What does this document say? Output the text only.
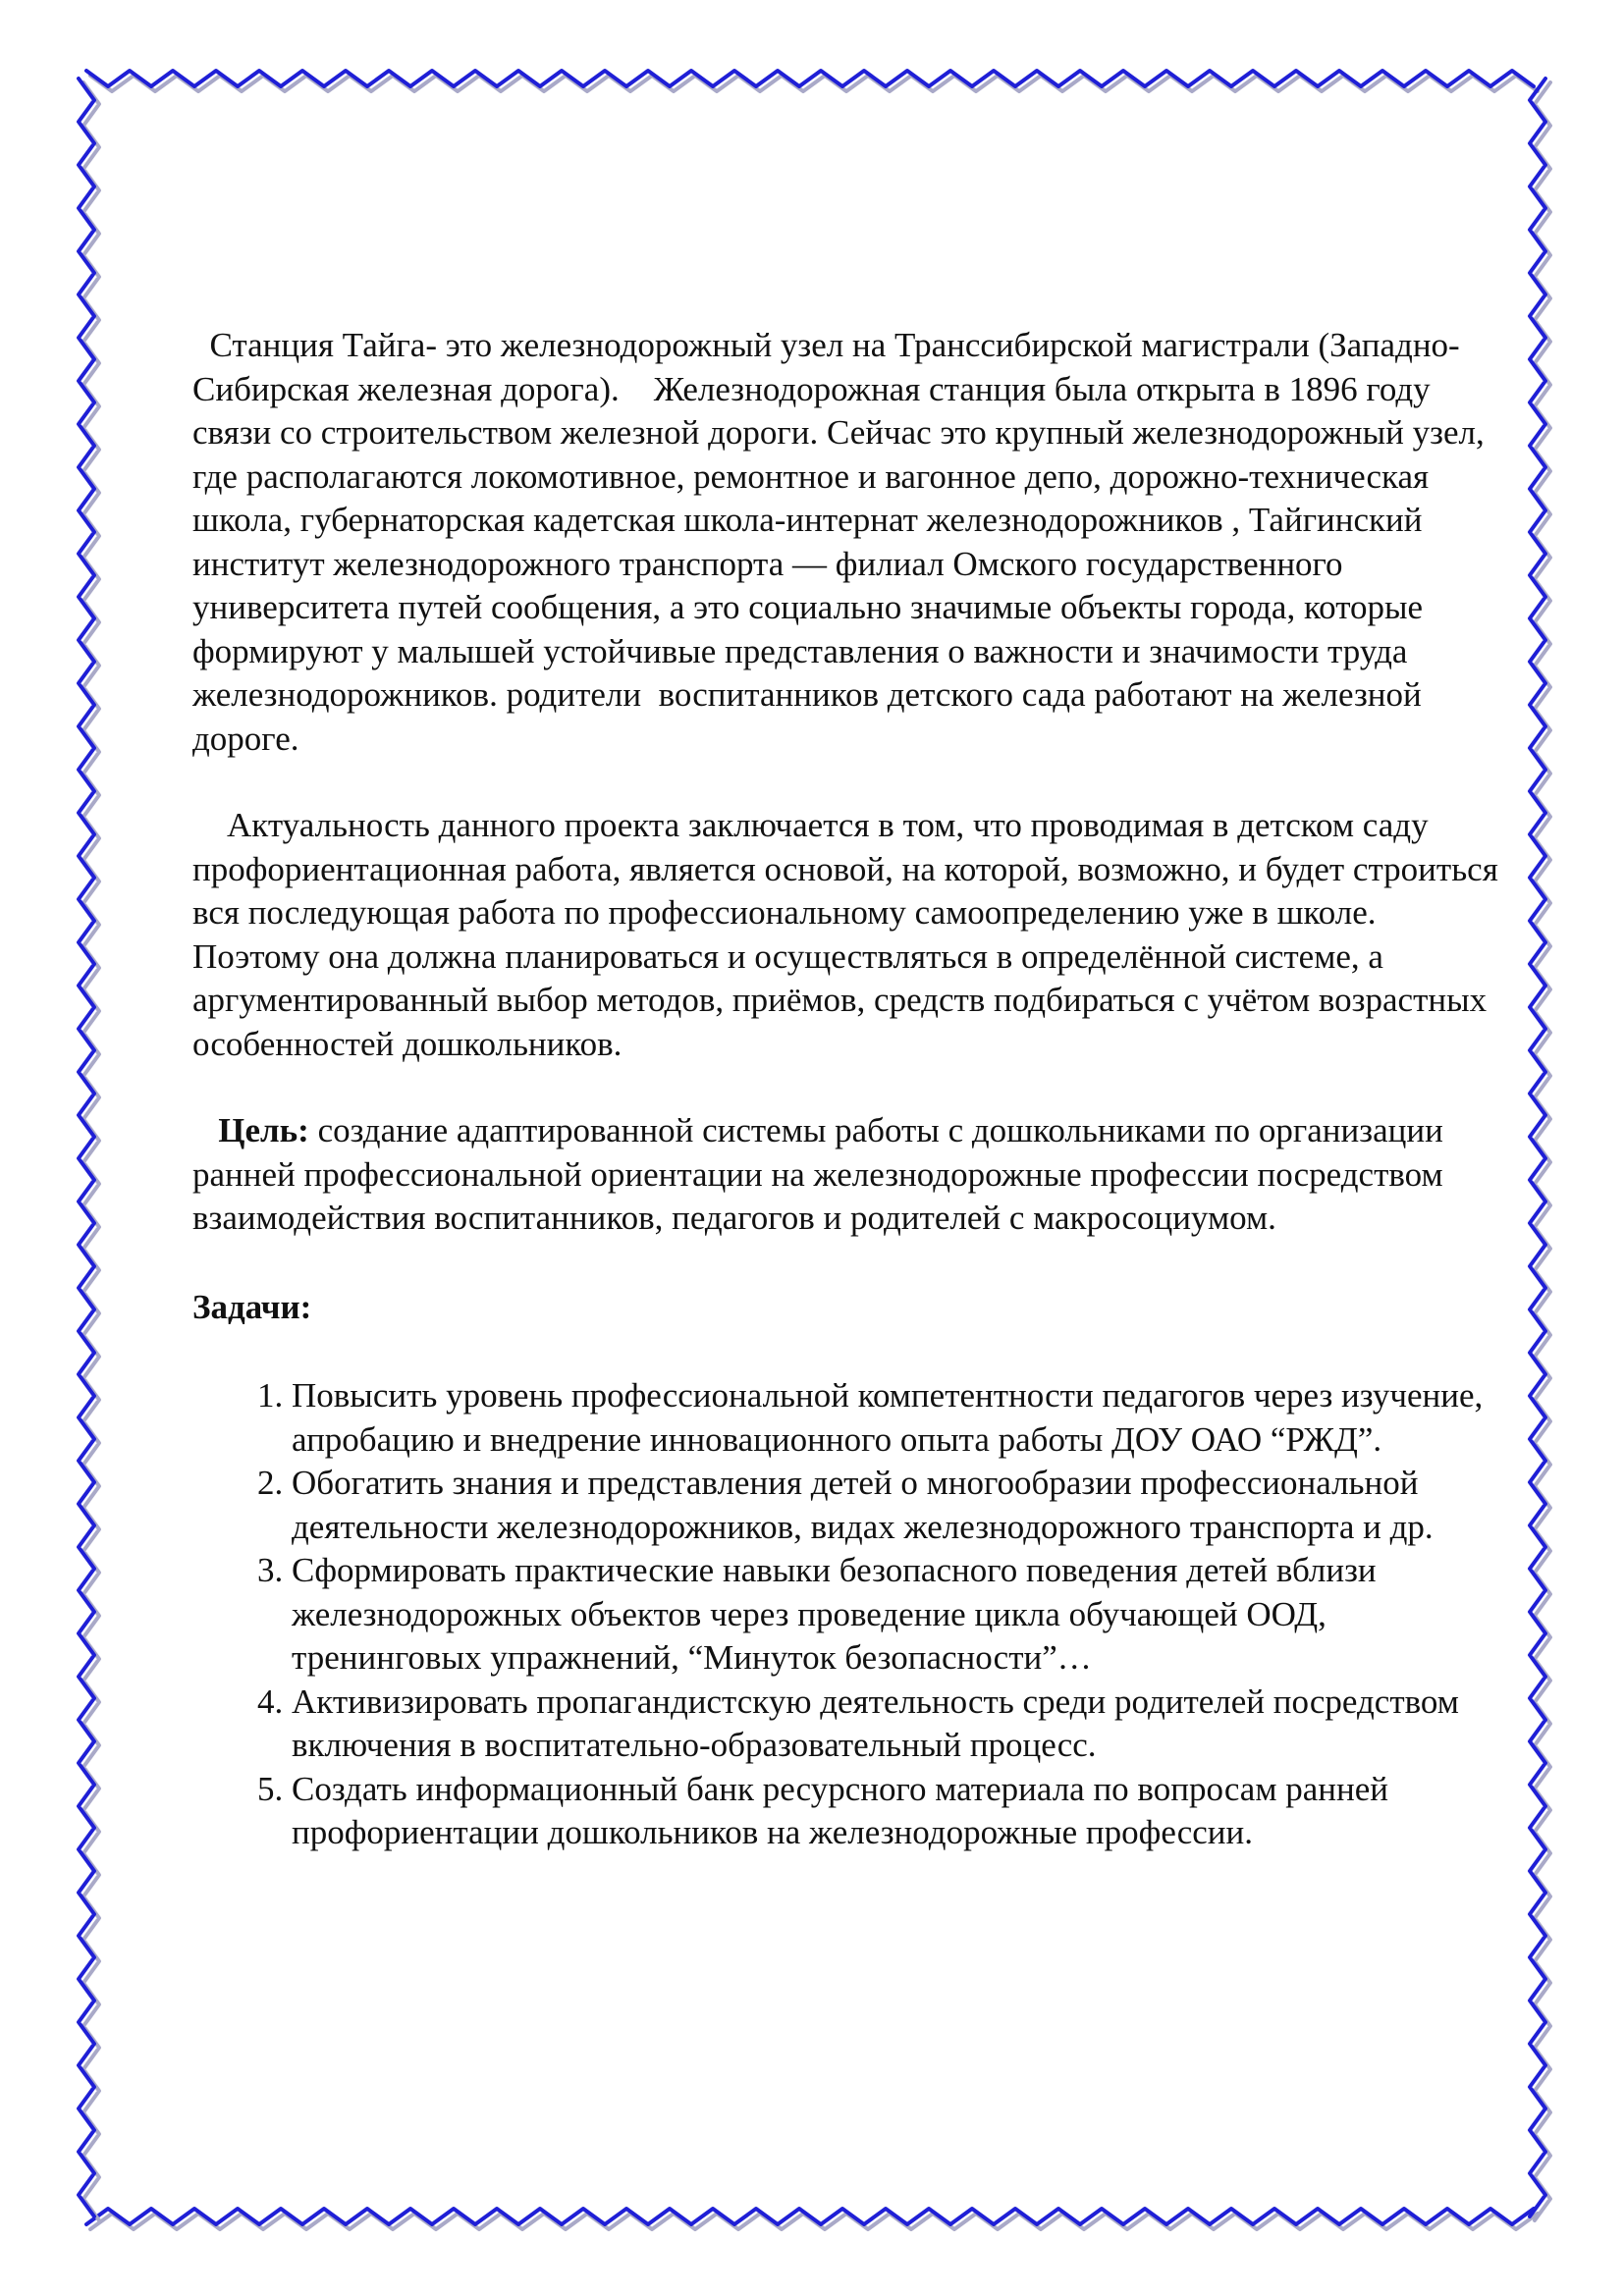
Станция Тайга- это железнодорожный узел на Транссибирской магистрали (Западно-Сибирская железная дорога).    Железнодорожная станция была открыта в 1896 году связи со строительством железной дороги. Сейчас это крупный железнодорожный узел, где располагаются локомотивное, ремонтное и вагонное депо, дорожно-техническая школа, губернаторская кадетская школа-интернат железнодорожников , Тайгинский институт железнодорожного транспорта — филиал Омского государственного университета путей сообщения, а это социально значимые объекты города, которые  формируют у малышей устойчивые представления о важности и значимости труда железнодорожников. родители  воспитанников детского сада работают на железной дороге.

Актуальность данного проекта заключается в том, что проводимая в детском саду профориентационная работа, является основой, на которой, возможно, и будет строиться вся последующая работа по профессиональному самоопределению уже в школе. Поэтому она должна планироваться и осуществляться в определённой системе, а аргументированный выбор методов, приёмов, средств подбираться с учётом возрастных особенностей дошкольников.

Цель: создание адаптированной системы работы с дошкольниками по организации ранней профессиональной ориентации на железнодорожные профессии посредством взаимодействия воспитанников, педагогов и родителей с макросоциумом.

Задачи:

1. Повысить уровень профессиональной компетентности педагогов через изучение, апробацию и внедрение инновационного опыта работы ДОУ ОАО “РЖД”.
2. Обогатить знания и представления детей о многообразии профессиональной деятельности железнодорожников, видах железнодорожного транспорта и др.
3. Сформировать практические навыки безопасного поведения детей вблизи железнодорожных объектов через проведение цикла обучающей ООД, тренинговых упражнений, “Минуток безопасности”…
4. Активизировать пропагандистскую деятельность среди родителей посредством включения в воспитательно-образовательный процесс.
5. Создать информационный банк ресурсного материала по вопросам ранней профориентации дошкольников на железнодорожные профессии.
